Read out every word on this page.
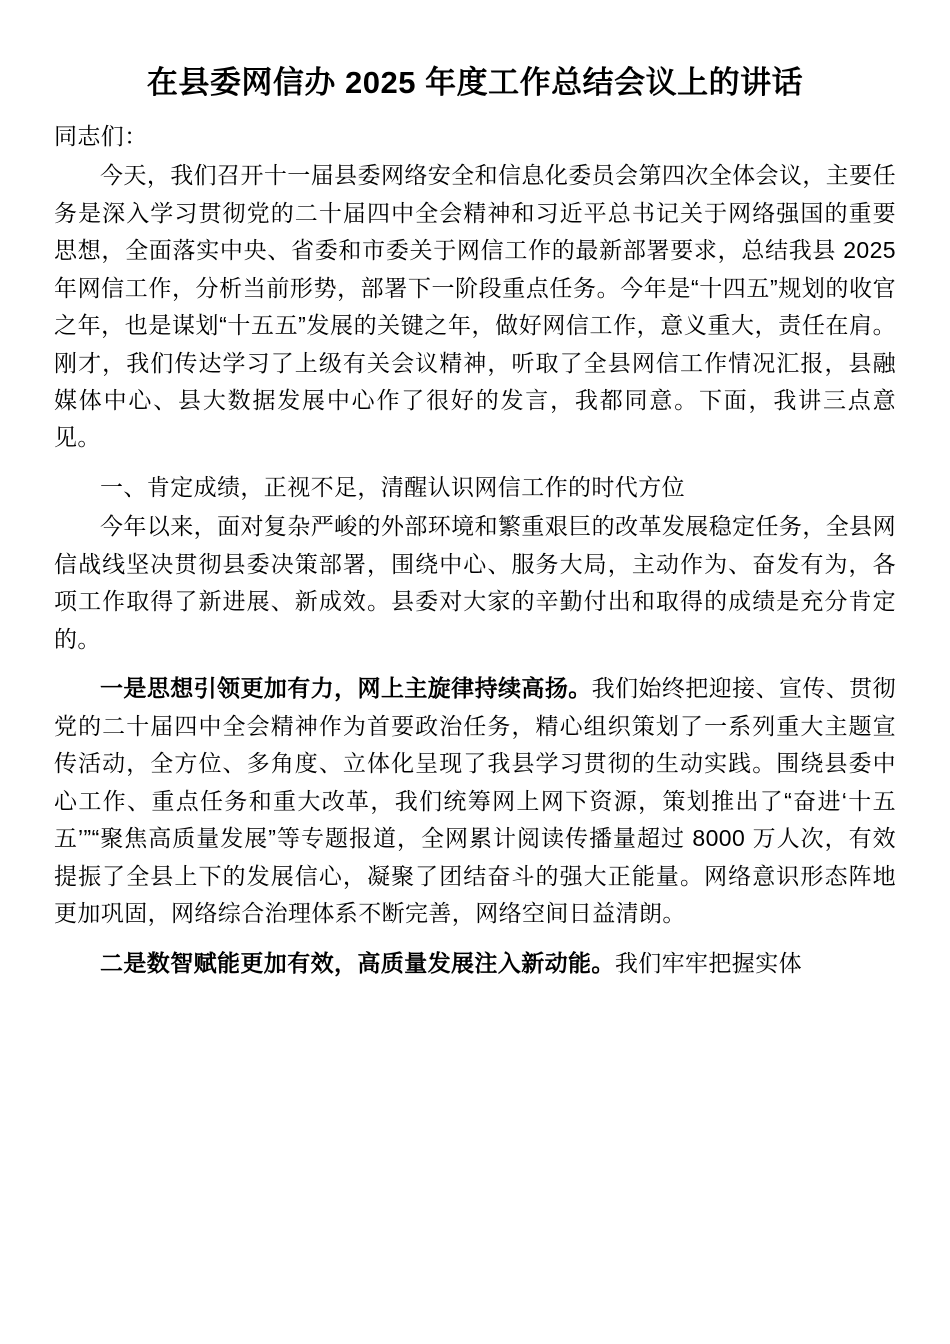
在县委网信办 2025 年度工作总结会议上的讲话
同志们：

今天，我们召开十一届县委网络安全和信息化委员会第四次全体会议，主要任务是深入学习贯彻党的二十届四中全会精神和习近平总书记关于网络强国的重要思想，全面落实中央、省委和市委关于网信工作的最新部署要求，总结我县 2025 年网信工作，分析当前形势，部署下一阶段重点任务。今年是“十四五”规划的收官之年，也是谋划“十五五”发展的关键之年，做好网信工作，意义重大，责任在肩。刚才，我们传达学习了上级有关会议精神，听取了全县网信工作情况汇报，县融媒体中心、县大数据发展中心作了很好的发言，我都同意。下面，我讲三点意见。

一、肯定成绩，正视不足，清醒认识网信工作的时代方位

今年以来，面对复杂严峻的外部环境和繁重艰巨的改革发展稳定任务，全县网信战线坚决贯彻县委决策部署，围绕中心、服务大局，主动作为、奋发有为，各项工作取得了新进展、新成效。县委对大家的辛勤付出和取得的成绩是充分肯定的。

一是思想引领更加有力，网上主旋律持续高扬。我们始终把迎接、宣传、贯彻党的二十届四中全会精神作为首要政治任务，精心组织策划了一系列重大主题宣传活动，全方位、多角度、立体化呈现了我县学习贯彻的生动实践。围绕县委中心工作、重点任务和重大改革，我们统筹网上网下资源，策划推出了“奋进‘十五五’”“聚焦高质量发展”等专题报道，全网累计阅读传播量超过 8000 万人次，有效提振了全县上下的发展信心，凝聚了团结奋斗的强大正能量。网络意识形态阵地更加巩固，网络综合治理体系不断完善，网络空间日益清朗。

二是数智赋能更加有效，高质量发展注入新动能。我们牢牢把握实体
